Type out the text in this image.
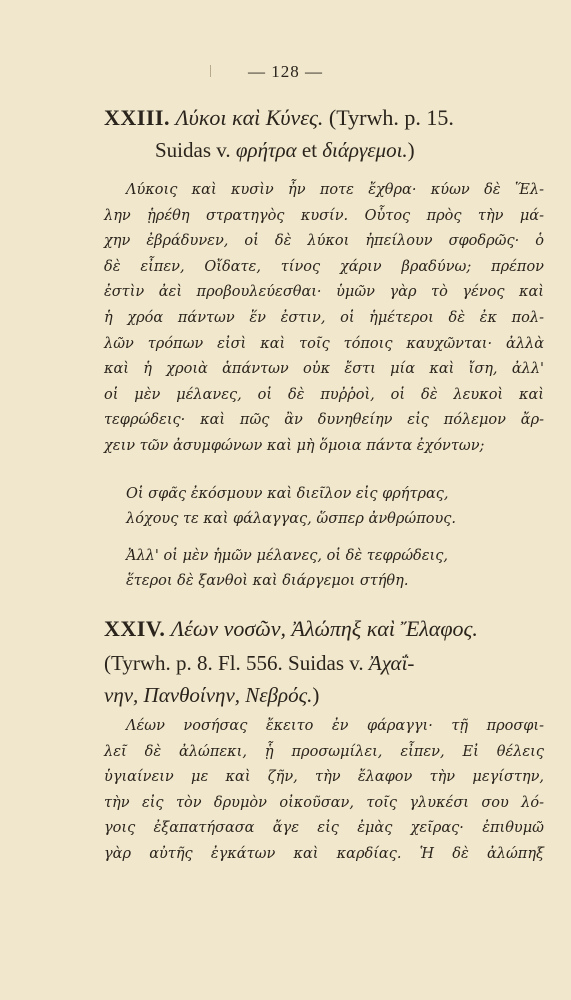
— 128 —
XXIII. Λύκοι καὶ Κύνες. (Tyrwh. p. 15.
Suidas v. φρήτρα et διάργεμοι.)
Λύκοις καὶ κυσὶν ἦν ποτε ἔχθρα· κύων δὲ Ἕλ-
λην ᾑρέθη στρατηγὸς κυσίν. Οὗτος πρὸς τὴν μά-
χην ἐβράδυνεν, οἱ δὲ λύκοι ἠπείλουν σφοδρῶς· ὁ
δὲ εἶπεν, Οἴδατε, τίνος χάριν βραδύνω; πρέπον
ἐστὶν ἀεὶ προβουλεύεσθαι· ὑμῶν γὰρ τὸ γένος καὶ
ἡ χρόα πάντων ἕν ἐστιν, οἱ ἡμέτεροι δὲ ἐκ πολ-
λῶν τρόπων εἰσὶ καὶ τοῖς τόποις καυχῶνται· ἀλλὰ
καὶ ἡ χροιὰ ἁπάντων οὐκ ἔστι μία καὶ ἴση, ἀλλ'
οἱ μὲν μέλανες, οἱ δὲ πυῤῥοὶ, οἱ δὲ λευκοὶ καὶ
τεφρώδεις· καὶ πῶς ἂν δυνηθείην εἰς πόλεμον ἄρ-
χειν τῶν ἀσυμφώνων καὶ μὴ ὅμοια πάντα ἐχόντων;
Οἱ σφᾶς ἐκόσμουν καὶ διεῖλον εἰς φρήτρας,
λόχους τε καὶ φάλαγγας, ὥσπερ ἀνθρώπους.
Ἀλλ' οἱ μὲν ἡμῶν μέλανες, οἱ δὲ τεφρώδεις,
ἕτεροι δὲ ξανθοὶ καὶ διάργεμοι στήθη.
XXIV. Λέων νοσῶν, Ἀλώπηξ καὶ Ἔλαφος.
(Tyrwh. p. 8. Fl. 556. Suidas v. Ἀχαΐ-
νην, Πανθοίνην, Νεβρός.)
Λέων νοσήσας ἔκειτο ἐν φάραγγι· τῇ προσφι-
λεῖ δὲ ἀλώπεκι, ᾗ προσωμίλει, εἶπεν, Εἰ θέλεις
ὑγιαίνειν με καὶ ζῆν, τὴν ἔλαφον τὴν μεγίστην,
τὴν εἰς τὸν δρυμὸν οἰκοῦσαν, τοῖς γλυκέσι σου λό-
γοις ἐξαπατήσασα ἄγε εἰς ἐμὰς χεῖρας· ἐπιθυμῶ
γὰρ αὐτῆς ἐγκάτων καὶ καρδίας. Ἡ δὲ ἀλώπηξ
